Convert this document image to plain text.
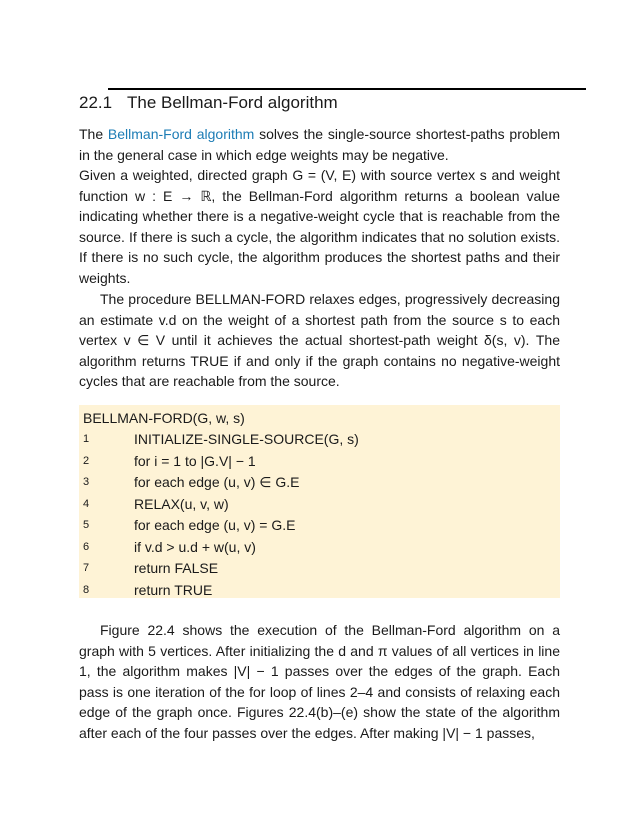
22.1 The Bellman-Ford algorithm

The Bellman-Ford algorithm solves the single-source shortest-paths problem in the general case in which edge weights may be negative.

Given a weighted, directed graph G = (V, E) with source vertex s and weight function w : E → ℝ, the Bellman-Ford algorithm returns a boolean value indicating whether there is a negative-weight cycle that is reachable from the source. If there is such a cycle, the algorithm indicates that no solution exists. If there is no such cycle, the algorithm produces the shortest paths and their weights.

The procedure BELLMAN-FORD relaxes edges, progressively decreasing an estimate v.d on the weight of a shortest path from the source s to each vertex v ∈ V until it achieves the actual shortest-path weight δ(s, v). The algorithm returns TRUE if and only if the graph contains no negative-weight cycles that are reachable from the source.

BELLMAN-FORD(G, w, s)
1	INITIALIZE-SINGLE-SOURCE(G, s)
2	for i = 1 to |G.V| − 1
3	for each edge (u, v) ∈ G.E
4	RELAX(u, v, w)
5	for each edge (u, v) = G.E
6	if v.d > u.d + w(u, v)
7	return FALSE
8	return TRUE

Figure 22.4 shows the execution of the Bellman-Ford algorithm on a graph with 5 vertices. After initializing the d and π values of all vertices in line 1, the algorithm makes |V| − 1 passes over the edges of the graph. Each pass is one iteration of the for loop of lines 2–4 and consists of relaxing each edge of the graph once. Figures 22.4(b)–(e) show the state of the algorithm after each of the four passes over the edges. After making |V| − 1 passes,
